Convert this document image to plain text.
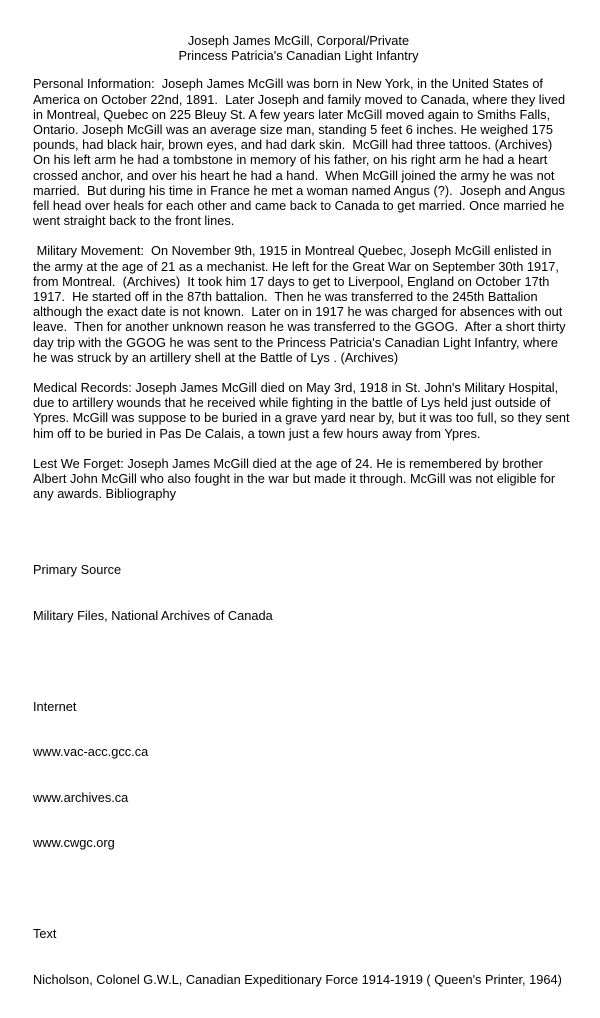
Joseph James McGill, Corporal/Private
Princess Patricia's Canadian Light Infantry

Personal Information:  Joseph James McGill was born in New York, in the United States of America on October 22nd, 1891.  Later Joseph and family moved to Canada, where they lived in Montreal, Quebec on 225 Bleuy St. A few years later McGill moved again to Smiths Falls, Ontario. Joseph McGill was an average size man, standing 5 feet 6 inches. He weighed 175 pounds, had black hair, brown eyes, and had dark skin.  McGill had three tattoos. (Archives) On his left arm he had a tombstone in memory of his father, on his right arm he had a heart crossed anchor, and over his heart he had a hand.  When McGill joined the army he was not married.  But during his time in France he met a woman named Angus (?).  Joseph and Angus fell head over heals for each other and came back to Canada to get married. Once married he went straight back to the front lines.

Military Movement:  On November 9th, 1915 in Montreal Quebec, Joseph McGill enlisted in the army at the age of 21 as a mechanist. He left for the Great War on September 30th 1917, from Montreal.  (Archives)  It took him 17 days to get to Liverpool, England on October 17th 1917.  He started off in the 87th battalion.  Then he was transferred to the 245th Battalion although the exact date is not known.  Later on in 1917 he was charged for absences with out leave.  Then for another unknown reason he was transferred to the GGOG.  After a short thirty day trip with the GGOG he was sent to the Princess Patricia's Canadian Light Infantry, where he was struck by an artillery shell at the Battle of Lys . (Archives)

Medical Records: Joseph James McGill died on May 3rd, 1918 in St. John's Military Hospital, due to artillery wounds that he received while fighting in the battle of Lys held just outside of Ypres. McGill was suppose to be buried in a grave yard near by, but it was too full, so they sent him off to be buried in Pas De Calais, a town just a few hours away from Ypres.

Lest We Forget: Joseph James McGill died at the age of 24. He is remembered by brother Albert John McGill who also fought in the war but made it through. McGill was not eligible for any awards. Bibliography

Primary Source

Military Files, National Archives of Canada

Internet

www.vac-acc.gcc.ca

www.archives.ca

www.cwgc.org

Text

Nicholson, Colonel G.W.L, Canadian Expeditionary Force 1914-1919 ( Queen's Printer, 1964)
